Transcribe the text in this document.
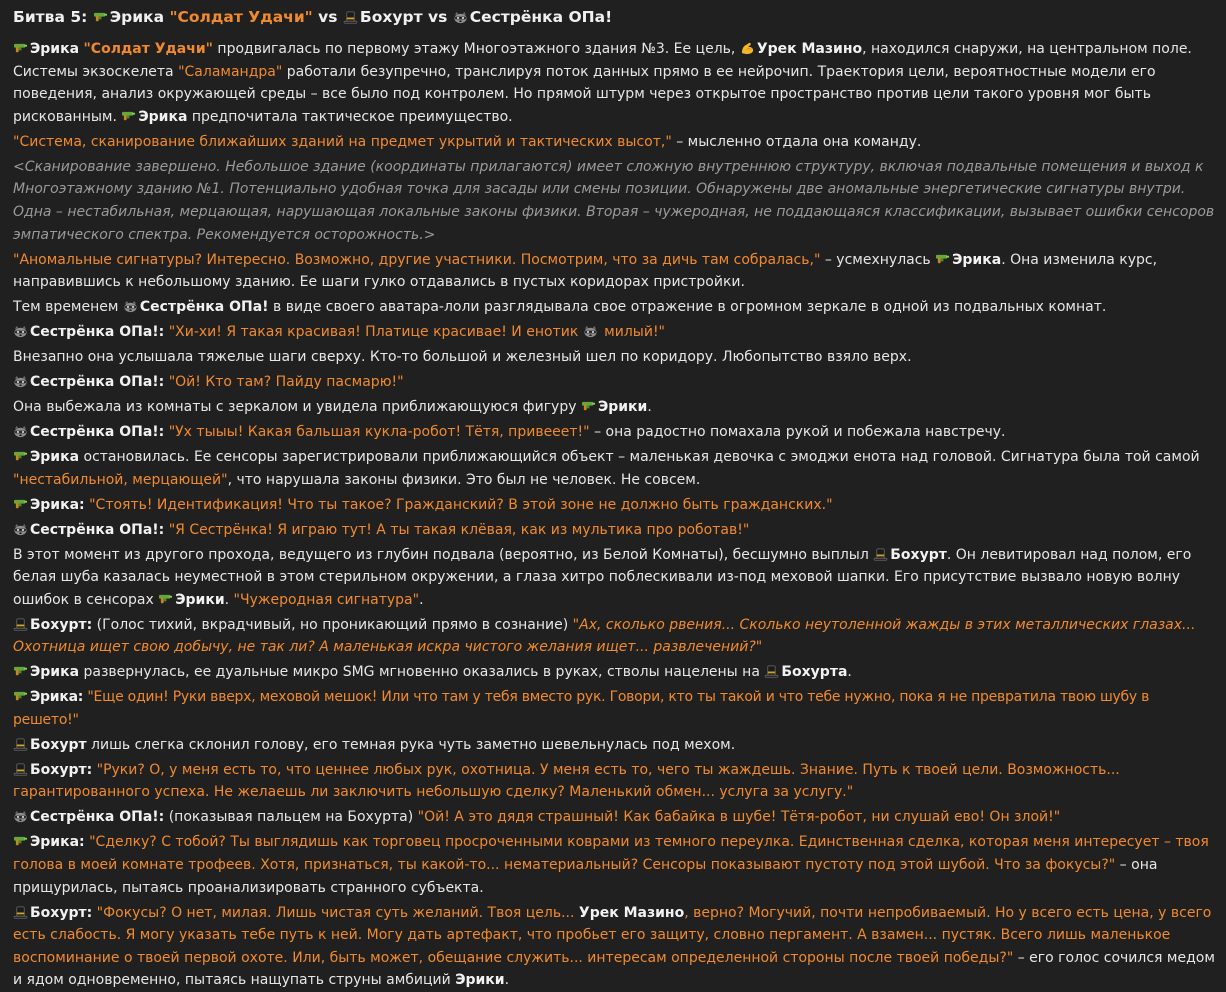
Битва 5: Эрика "Солдат Удачи" vs Бохурт vs Сестрёнка ОПа!

Эрика "Солдат Удачи" продвигалась по первому этажу Многоэтажного здания №3. Ее цель, Урек Мазино, находился снаружи, на центральном поле. Системы экзоскелета "Саламандра" работали безупречно, транслируя поток данных прямо в ее нейрочип. Траектория цели, вероятностные модели его поведения, анализ окружающей среды – все было под контролем. Но прямой штурм через открытое пространство против цели такого уровня мог быть рискованным. Эрика предпочитала тактическое преимущество.

"Система, сканирование ближайших зданий на предмет укрытий и тактических высот," – мысленно отдала она команду.

<Сканирование завершено. Небольшое здание (координаты прилагаются) имеет сложную внутреннюю структуру, включая подвальные помещения и выход к Многоэтажному зданию №1. Потенциально удобная точка для засады или смены позиции. Обнаружены две аномальные энергетические сигнатуры внутри. Одна – нестабильная, мерцающая, нарушающая локальные законы физики. Вторая – чужеродная, не поддающаяся классификации, вызывает ошибки сенсоров эмпатического спектра. Рекомендуется осторожность.>

"Аномальные сигнатуры? Интересно. Возможно, другие участники. Посмотрим, что за дичь там собралась," – усмехнулась Эрика. Она изменила курс, направившись к небольшому зданию. Ее шаги гулко отдавались в пустых коридорах пристройки.

Тем временем Сестрёнка ОПа! в виде своего аватара-лоли разглядывала свое отражение в огромном зеркале в одной из подвальных комнат.

Сестрёнка ОПа!: "Хи-хи! Я такая красивая! Платице красивае! И енотик  милый!"

Внезапно она услышала тяжелые шаги сверху. Кто-то большой и железный шел по коридору. Любопытство взяло верх.

Сестрёнка ОПа!: "Ой! Кто там? Пайду пасмарю!"

Она выбежала из комнаты с зеркалом и увидела приближающуюся фигуру Эрики.

Сестрёнка ОПа!: "Ух тыыы! Какая бальшая кукла-робот! Тётя, привееет!" – она радостно помахала рукой и побежала навстречу.

Эрика остановилась. Ее сенсоры зарегистрировали приближающийся объект – маленькая девочка с эмоджи енота над головой. Сигнатура была той самой "нестабильной, мерцающей", что нарушала законы физики. Это был не человек. Не совсем.

Эрика: "Стоять! Идентификация! Что ты такое? Гражданский? В этой зоне не должно быть гражданских."

Сестрёнка ОПа!: "Я Сестрёнка! Я играю тут! А ты такая клёвая, как из мультика про роботав!"

В этот момент из другого прохода, ведущего из глубин подвала (вероятно, из Белой Комнаты), бесшумно выплыл Бохурт. Он левитировал над полом, его белая шуба казалась неуместной в этом стерильном окружении, а глаза хитро поблескивали из-под меховой шапки. Его присутствие вызвало новую волну ошибок в сенсорах Эрики. "Чужеродная сигнатура".

Бохурт: (Голос тихий, вкрадчивый, но проникающий прямо в сознание) "Ах, сколько рвения... Сколько неутоленной жажды в этих металлических глазах... Охотница ищет свою добычу, не так ли? А маленькая искра чистого желания ищет... развлечений?"

Эрика развернулась, ее дуальные микро SMG мгновенно оказались в руках, стволы нацелены на Бохурта.

Эрика: "Еще один! Руки вверх, меховой мешок! Или что там у тебя вместо рук. Говори, кто ты такой и что тебе нужно, пока я не превратила твою шубу в решето!"

Бохурт лишь слегка склонил голову, его темная рука чуть заметно шевельнулась под мехом.

Бохурт: "Руки? О, у меня есть то, что ценнее любых рук, охотница. У меня есть то, чего ты жаждешь. Знание. Путь к твоей цели. Возможность... гарантированного успеха. Не желаешь ли заключить небольшую сделку? Маленький обмен... услуга за услугу."

Сестрёнка ОПа!: (показывая пальцем на Бохурта) "Ой! А это дядя страшный! Как бабайка в шубе! Тётя-робот, ни слушай ево! Он злой!"

Эрика: "Сделку? С тобой? Ты выглядишь как торговец просроченными коврами из темного переулка. Единственная сделка, которая меня интересует – твоя голова в моей комнате трофеев. Хотя, признаться, ты какой-то... нематериальный? Сенсоры показывают пустоту под этой шубой. Что за фокусы?" – она прищурилась, пытаясь проанализировать странного субъекта.

Бохурт: "Фокусы? О нет, милая. Лишь чистая суть желаний. Твоя цель... Урек Мазино, верно? Могучий, почти непробиваемый. Но у всего есть цена, у всего есть слабость. Я могу указать тебе путь к ней. Могу дать артефакт, что пробьет его защиту, словно пергамент. А взамен... пустяк. Всего лишь маленькое воспоминание о твоей первой охоте. Или, быть может, обещание служить... интересам определенной стороны после твоей победы?" – его голос сочился медом и ядом одновременно, пытаясь нащупать струны амбиций Эрики.
